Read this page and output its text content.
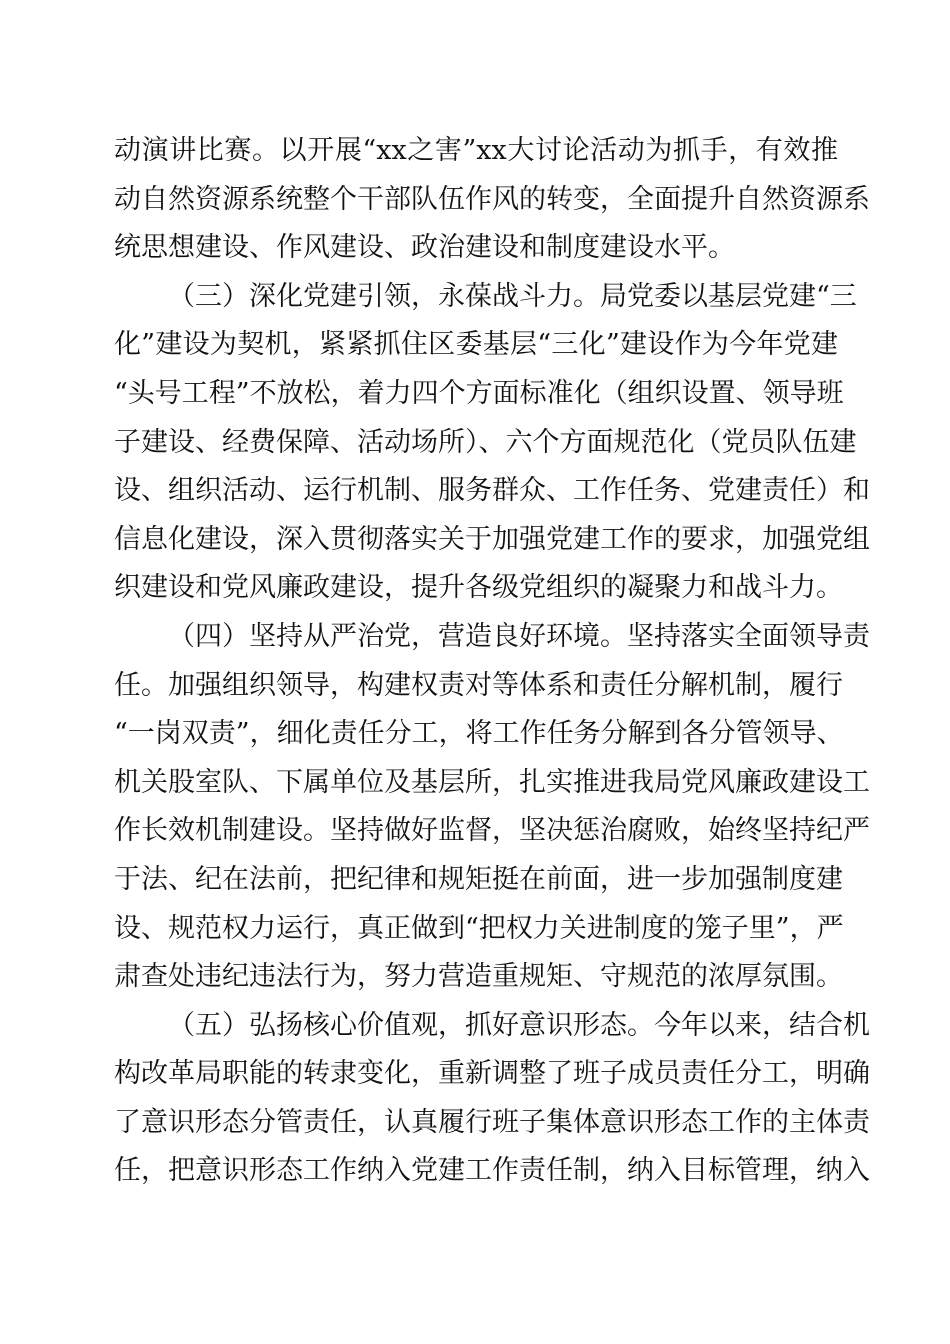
动演讲比赛。以开展“xx之害”xx大讨论活动为抓手，有效推
动自然资源系统整个干部队伍作风的转变，全面提升自然资源系
统思想建设、作风建设、政治建设和制度建设水平。
（三）深化党建引领，永葆战斗力。局党委以基层党建“三
化”建设为契机，紧紧抓住区委基层“三化”建设作为今年党建
“头号工程”不放松，着力四个方面标准化（组织设置、领导班
子建设、经费保障、活动场所）、六个方面规范化（党员队伍建
设、组织活动、运行机制、服务群众、工作任务、党建责任）和
信息化建设，深入贯彻落实关于加强党建工作的要求，加强党组
织建设和党风廉政建设，提升各级党组织的凝聚力和战斗力。
（四）坚持从严治党，营造良好环境。坚持落实全面领导责
任。加强组织领导，构建权责对等体系和责任分解机制，履行
“一岗双责”，细化责任分工，将工作任务分解到各分管领导、
机关股室队、下属单位及基层所，扎实推进我局党风廉政建设工
作长效机制建设。坚持做好监督，坚决惩治腐败，始终坚持纪严
于法、纪在法前，把纪律和规矩挺在前面，进一步加强制度建
设、规范权力运行，真正做到“把权力关进制度的笼子里”，严
肃查处违纪违法行为，努力营造重规矩、守规范的浓厚氛围。
（五）弘扬核心价值观，抓好意识形态。今年以来，结合机
构改革局职能的转隶变化，重新调整了班子成员责任分工，明确
了意识形态分管责任，认真履行班子集体意识形态工作的主体责
任，把意识形态工作纳入党建工作责任制，纳入目标管理，纳入
